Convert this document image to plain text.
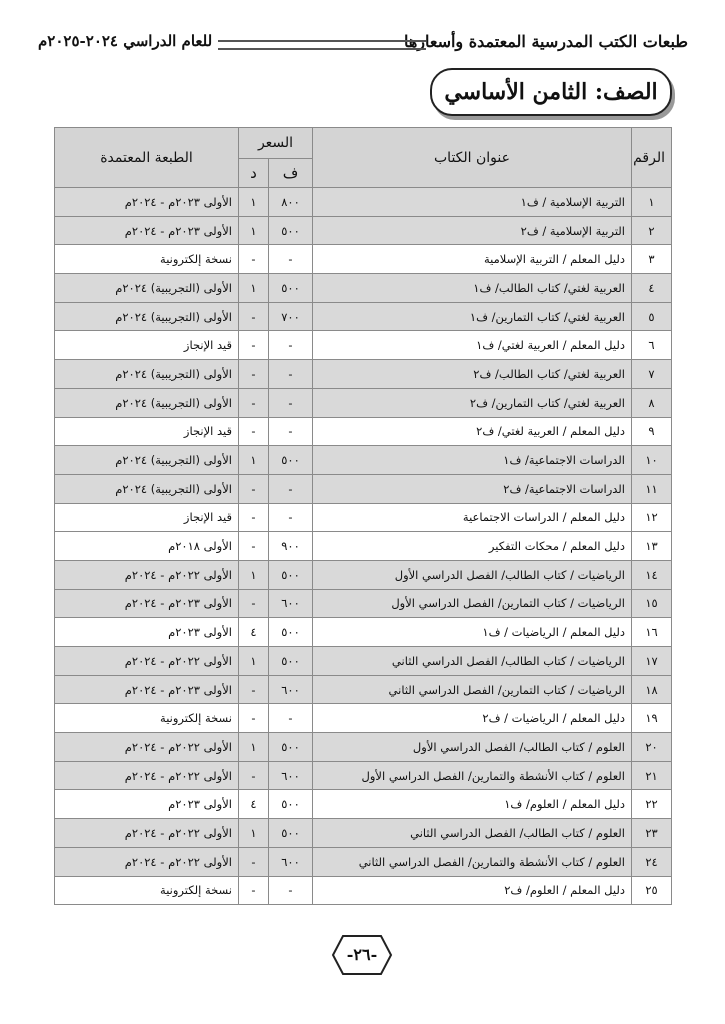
طبعات الكتب المدرسية المعتمدة وأسعارها
للعام الدراسي ٢٠٢٤-٢٠٢٥م
الصف: الثامن الأساسي
الرقم	عنوان الكتاب	السعر		الطبعة المعتمدة
		ف	د	
١	التربية الإسلامية / ف١	٨٠٠	١	الأولى ٢٠٢٣م - ٢٠٢٤م
٢	التربية الإسلامية / ف٢	٥٠٠	١	الأولى ٢٠٢٣م - ٢٠٢٤م
٣	دليل المعلم / التربية الإسلامية	-	-	نسخة إلكترونية
٤	العربية لغتي/ كتاب الطالب/ ف١	٥٠٠	١	الأولى (التجريبية) ٢٠٢٤م
٥	العربية لغتي/ كتاب التمارين/ ف١	٧٠٠	-	الأولى (التجريبية) ٢٠٢٤م
٦	دليل المعلم / العربية لغتي/ ف١	-	-	قيد الإنجاز
٧	العربية لغتي/ كتاب الطالب/ ف٢	-	-	الأولى (التجريبية) ٢٠٢٤م
٨	العربية لغتي/ كتاب التمارين/ ف٢	-	-	الأولى (التجريبية) ٢٠٢٤م
٩	دليل المعلم / العربية لغتي/ ف٢	-	-	قيد الإنجاز
١٠	الدراسات الاجتماعية/ ف١	٥٠٠	١	الأولى (التجريبية) ٢٠٢٤م
١١	الدراسات الاجتماعية/ ف٢	-	-	الأولى (التجريبية) ٢٠٢٤م
١٢	دليل المعلم / الدراسات الاجتماعية	-	-	قيد الإنجاز
١٣	دليل المعلم / محكات التفكير	٩٠٠	-	الأولى ٢٠١٨م
١٤	الرياضيات / كتاب الطالب/ الفصل الدراسي الأول	٥٠٠	١	الأولى ٢٠٢٢م - ٢٠٢٤م
١٥	الرياضيات / كتاب التمارين/ الفصل الدراسي الأول	٦٠٠	-	الأولى ٢٠٢٣م - ٢٠٢٤م
١٦	دليل المعلم / الرياضيات / ف١	٥٠٠	٤	الأولى ٢٠٢٣م
١٧	الرياضيات / كتاب الطالب/ الفصل الدراسي الثاني	٥٠٠	١	الأولى ٢٠٢٢م - ٢٠٢٤م
١٨	الرياضيات / كتاب التمارين/ الفصل الدراسي الثاني	٦٠٠	-	الأولى ٢٠٢٣م - ٢٠٢٤م
١٩	دليل المعلم / الرياضيات / ف٢	-	-	نسخة إلكترونية
٢٠	العلوم / كتاب الطالب/ الفصل الدراسي الأول	٥٠٠	١	الأولى ٢٠٢٢م - ٢٠٢٤م
٢١	العلوم / كتاب الأنشطة والتمارين/ الفصل الدراسي الأول	٦٠٠	-	الأولى ٢٠٢٢م - ٢٠٢٤م
٢٢	دليل المعلم / العلوم/ ف١	٥٠٠	٤	الأولى ٢٠٢٣م
٢٣	العلوم / كتاب الطالب/ الفصل الدراسي الثاني	٥٠٠	١	الأولى ٢٠٢٢م - ٢٠٢٤م
٢٤	العلوم / كتاب الأنشطة والتمارين/ الفصل الدراسي الثاني	٦٠٠	-	الأولى ٢٠٢٢م - ٢٠٢٤م
٢٥	دليل المعلم / العلوم/ ف٢	-	-	نسخة إلكترونية
-٢٦-
